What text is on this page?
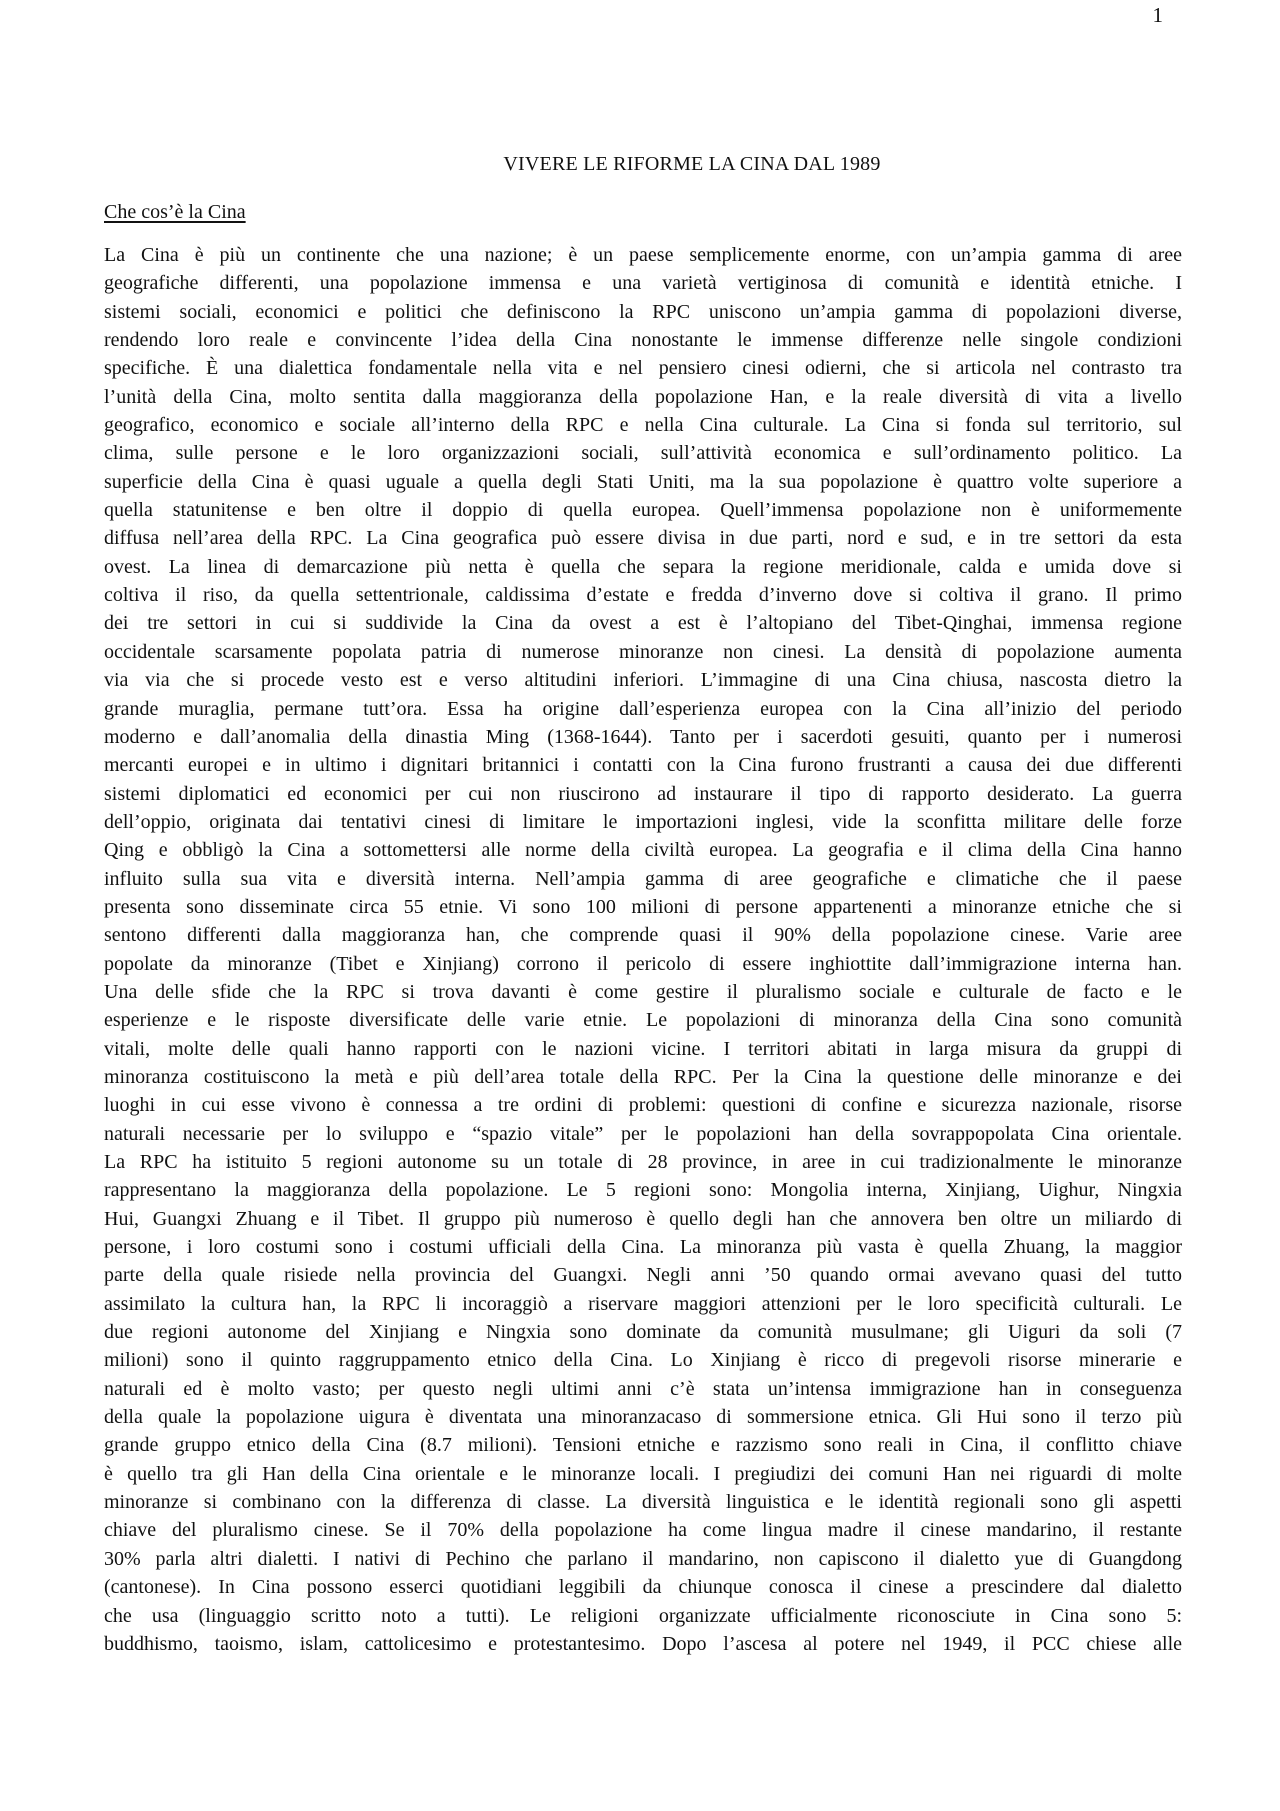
1
VIVERE LE RIFORME LA CINA DAL 1989
Che cos’è la Cina
La Cina è più un continente che una nazione; è un paese semplicemente enorme, con un’ampia gamma di aree
geografiche differenti, una popolazione immensa e una varietà vertiginosa di comunità e identità etniche. I
sistemi sociali, economici e politici che definiscono la RPC uniscono un’ampia gamma di popolazioni diverse,
rendendo loro reale e convincente l’idea della Cina nonostante le immense differenze nelle singole condizioni
specifiche. È una dialettica fondamentale nella vita e nel pensiero cinesi odierni, che si articola nel contrasto tra
l’unità della Cina, molto sentita dalla maggioranza della popolazione Han, e la reale diversità di vita a livello
geografico, economico e sociale all’interno della RPC e nella Cina culturale. La Cina si fonda sul territorio, sul
clima, sulle persone e le loro organizzazioni sociali, sull’attività economica e sull’ordinamento politico. La
superficie della Cina è quasi uguale a quella degli Stati Uniti, ma la sua popolazione è quattro volte superiore a
quella statunitense e ben oltre il doppio di quella europea. Quell’immensa popolazione non è uniformemente
diffusa nell’area della RPC. La Cina geografica può essere divisa in due parti, nord e sud, e in tre settori da esta
ovest. La linea di demarcazione più netta è quella che separa la regione meridionale, calda e umida dove si
coltiva il riso, da quella settentrionale, caldissima d’estate e fredda d’inverno dove si coltiva il grano. Il primo
dei tre settori in cui si suddivide la Cina da ovest a est è l’altopiano del Tibet-Qinghai, immensa regione
occidentale scarsamente popolata patria di numerose minoranze non cinesi. La densità di popolazione aumenta
via via che si procede vesto est e verso altitudini inferiori. L’immagine di una Cina chiusa, nascosta dietro la
grande muraglia, permane tutt’ora. Essa ha origine dall’esperienza europea con la Cina all’inizio del periodo
moderno e dall’anomalia della dinastia Ming (1368-1644). Tanto per i sacerdoti gesuiti, quanto per i numerosi
mercanti europei e in ultimo i dignitari britannici i contatti con la Cina furono frustranti a causa dei due differenti
sistemi diplomatici ed economici per cui non riuscirono ad instaurare il tipo di rapporto desiderato. La guerra
dell’oppio, originata dai tentativi cinesi di limitare le importazioni inglesi, vide la sconfitta militare delle forze
Qing e obbligò la Cina a sottomettersi alle norme della civiltà europea. La geografia e il clima della Cina hanno
influito sulla sua vita e diversità interna. Nell’ampia gamma di aree geografiche e climatiche che il paese
presenta sono disseminate circa 55 etnie. Vi sono 100 milioni di persone appartenenti a minoranze etniche che si
sentono differenti dalla maggioranza han, che comprende quasi il 90% della popolazione cinese. Varie aree
popolate da minoranze (Tibet e Xinjiang) corrono il pericolo di essere inghiottite dall’immigrazione interna han.
Una delle sfide che la RPC si trova davanti è come gestire il pluralismo sociale e culturale de facto e le
esperienze e le risposte diversificate delle varie etnie. Le popolazioni di minoranza della Cina sono comunità
vitali, molte delle quali hanno rapporti con le nazioni vicine. I territori abitati in larga misura da gruppi di
minoranza costituiscono la metà e più dell’area totale della RPC. Per la Cina la questione delle minoranze e dei
luoghi in cui esse vivono è connessa a tre ordini di problemi: questioni di confine e sicurezza nazionale, risorse
naturali necessarie per lo sviluppo e “spazio vitale” per le popolazioni han della sovrappopolata Cina orientale.
La RPC ha istituito 5 regioni autonome su un totale di 28 province, in aree in cui tradizionalmente le minoranze
rappresentano la maggioranza della popolazione. Le 5 regioni sono: Mongolia interna, Xinjiang, Uighur, Ningxia
Hui, Guangxi Zhuang e il Tibet. Il gruppo più numeroso è quello degli han che annovera ben oltre un miliardo di
persone, i loro costumi sono i costumi ufficiali della Cina. La minoranza più vasta è quella Zhuang, la maggior
parte della quale risiede nella provincia del Guangxi. Negli anni ’50 quando ormai avevano quasi del tutto
assimilato la cultura han, la RPC li incoraggiò a riservare maggiori attenzioni per le loro specificità culturali. Le
due regioni autonome del Xinjiang e Ningxia sono dominate da comunità musulmane; gli Uiguri da soli (7
milioni) sono il quinto raggruppamento etnico della Cina. Lo Xinjiang è ricco di pregevoli risorse minerarie e
naturali ed è molto vasto; per questo negli ultimi anni c’è stata un’intensa immigrazione han in conseguenza
della quale la popolazione uigura è diventata una minoranzacaso di sommersione etnica. Gli Hui sono il terzo più
grande gruppo etnico della Cina (8.7 milioni). Tensioni etniche e razzismo sono reali in Cina, il conflitto chiave
è quello tra gli Han della Cina orientale e le minoranze locali. I pregiudizi dei comuni Han nei riguardi di molte
minoranze si combinano con la differenza di classe. La diversità linguistica e le identità regionali sono gli aspetti
chiave del pluralismo cinese. Se il 70% della popolazione ha come lingua madre il cinese mandarino, il restante
30% parla altri dialetti. I nativi di Pechino che parlano il mandarino, non capiscono il dialetto yue di Guangdong
(cantonese). In Cina possono esserci quotidiani leggibili da chiunque conosca il cinese a prescindere dal dialetto
che usa (linguaggio scritto noto a tutti). Le religioni organizzate ufficialmente riconosciute in Cina sono 5:
buddhismo, taoismo, islam, cattolicesimo e protestantesimo. Dopo l’ascesa al potere nel 1949, il PCC chiese alle
